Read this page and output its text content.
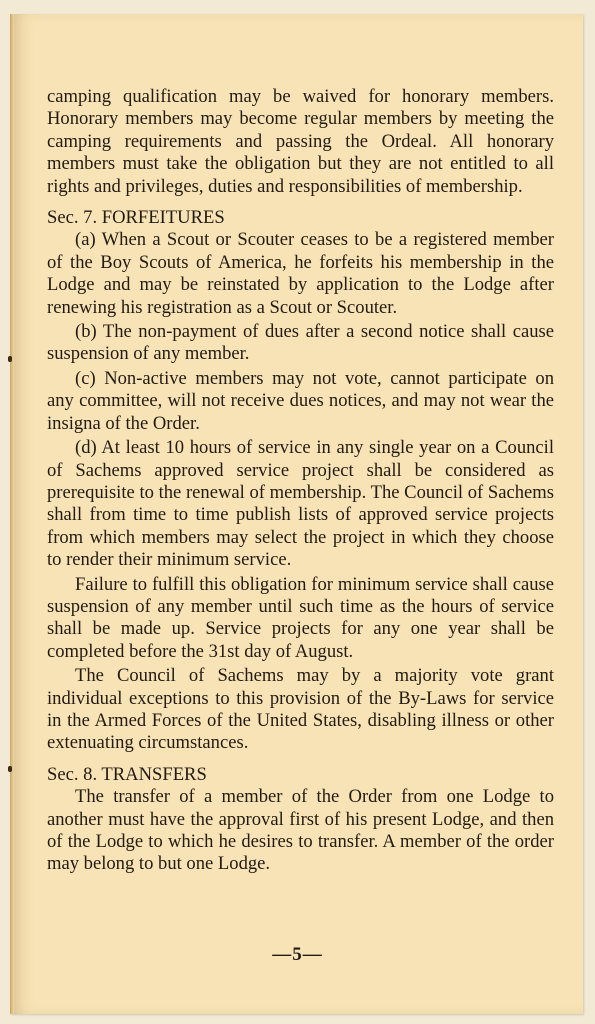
camping qualification may be waived for honorary members. Honorary members may become regular members by meeting the camping requirements and passing the Ordeal. All honorary members must take the obligation but they are not entitled to all rights and privileges, duties and responsibilities of membership.

Sec. 7. FORFEITURES

(a) When a Scout or Scouter ceases to be a registered member of the Boy Scouts of America, he forfeits his membership in the Lodge and may be reinstated by application to the Lodge after renewing his registration as a Scout or Scouter.

(b) The non-payment of dues after a second notice shall cause suspension of any member.

(c) Non-active members may not vote, cannot participate on any committee, will not receive dues notices, and may not wear the insigna of the Order.

(d) At least 10 hours of service in any single year on a Council of Sachems approved service project shall be considered as prerequisite to the renewal of membership. The Council of Sachems shall from time to time publish lists of approved service projects from which members may select the project in which they choose to render their minimum service.

Failure to fulfill this obligation for minimum service shall cause suspension of any member until such time as the hours of service shall be made up. Service projects for any one year shall be completed before the 31st day of August.

The Council of Sachems may by a majority vote grant individual exceptions to this provision of the By-Laws for service in the Armed Forces of the United States, disabling illness or other extenuating circumstances.

Sec. 8. TRANSFERS

The transfer of a member of the Order from one Lodge to another must have the approval first of his present Lodge, and then of the Lodge to which he desires to transfer. A member of the order may belong to but one Lodge.

—5—
